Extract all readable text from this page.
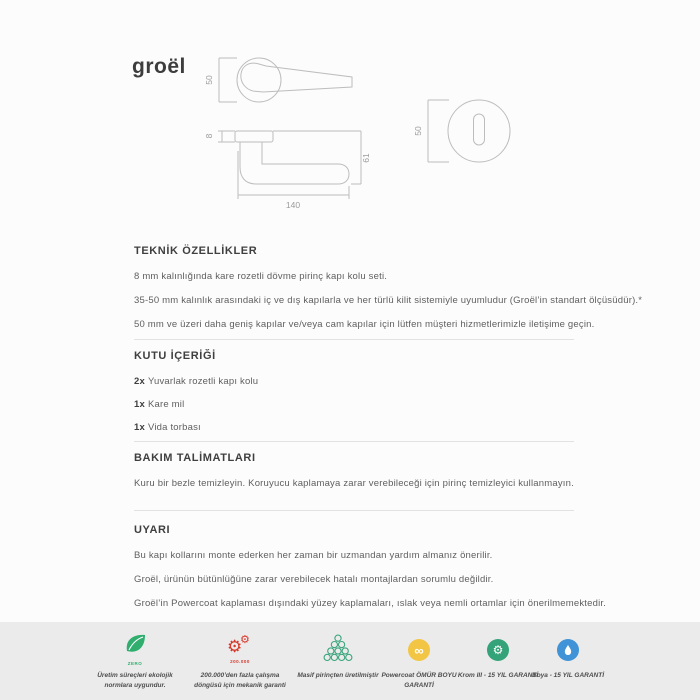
groël
50
8
61
140
50
TEKNİK ÖZELLİKLER

8 mm kalınlığında kare rozetli dövme pirinç kapı kolu seti.

35-50 mm kalınlık arasındaki iç ve dış kapılarla ve her türlü kilit sistemiyle uyumludur (Groël’in standart ölçüsüdür).*

50 mm ve üzeri daha geniş kapılar ve/veya cam kapılar için lütfen müşteri hizmetlerimizle iletişime geçin.

KUTU İÇERİĞİ
2x Yuvarlak rozetli kapı kolu
1x Kare mil
1x Vida torbası
BAKIM TALİMATLARI

Kuru bir bezle temizleyin. Koruyucu kaplamaya zarar verebileceği için pirinç temizleyici kullanmayın.

UYARI

Bu kapı kollarını monte ederken her zaman bir uzmandan yardım almanız önerilir.

Groël, ürünün bütünlüğüne zarar verebilecek hatalı montajlardan sorumlu değildir.

Groël’in Powercoat kaplaması dışındaki yüzey kaplamaları, ıslak veya nemli ortamlar için önerilmemektedir.

ZERO
Üretim süreçleri ekolojik normlara uygundur.
⚙
⚙
200.000
200.000’den fazla çalışma döngüsü için mekanik garanti
Masif pirinçten üretilmiştir
∞
Powercoat ÖMÜR BOYU GARANTİ
⚙
Krom III - 15 YIL GARANTİ
Boya - 15 YIL GARANTİ
